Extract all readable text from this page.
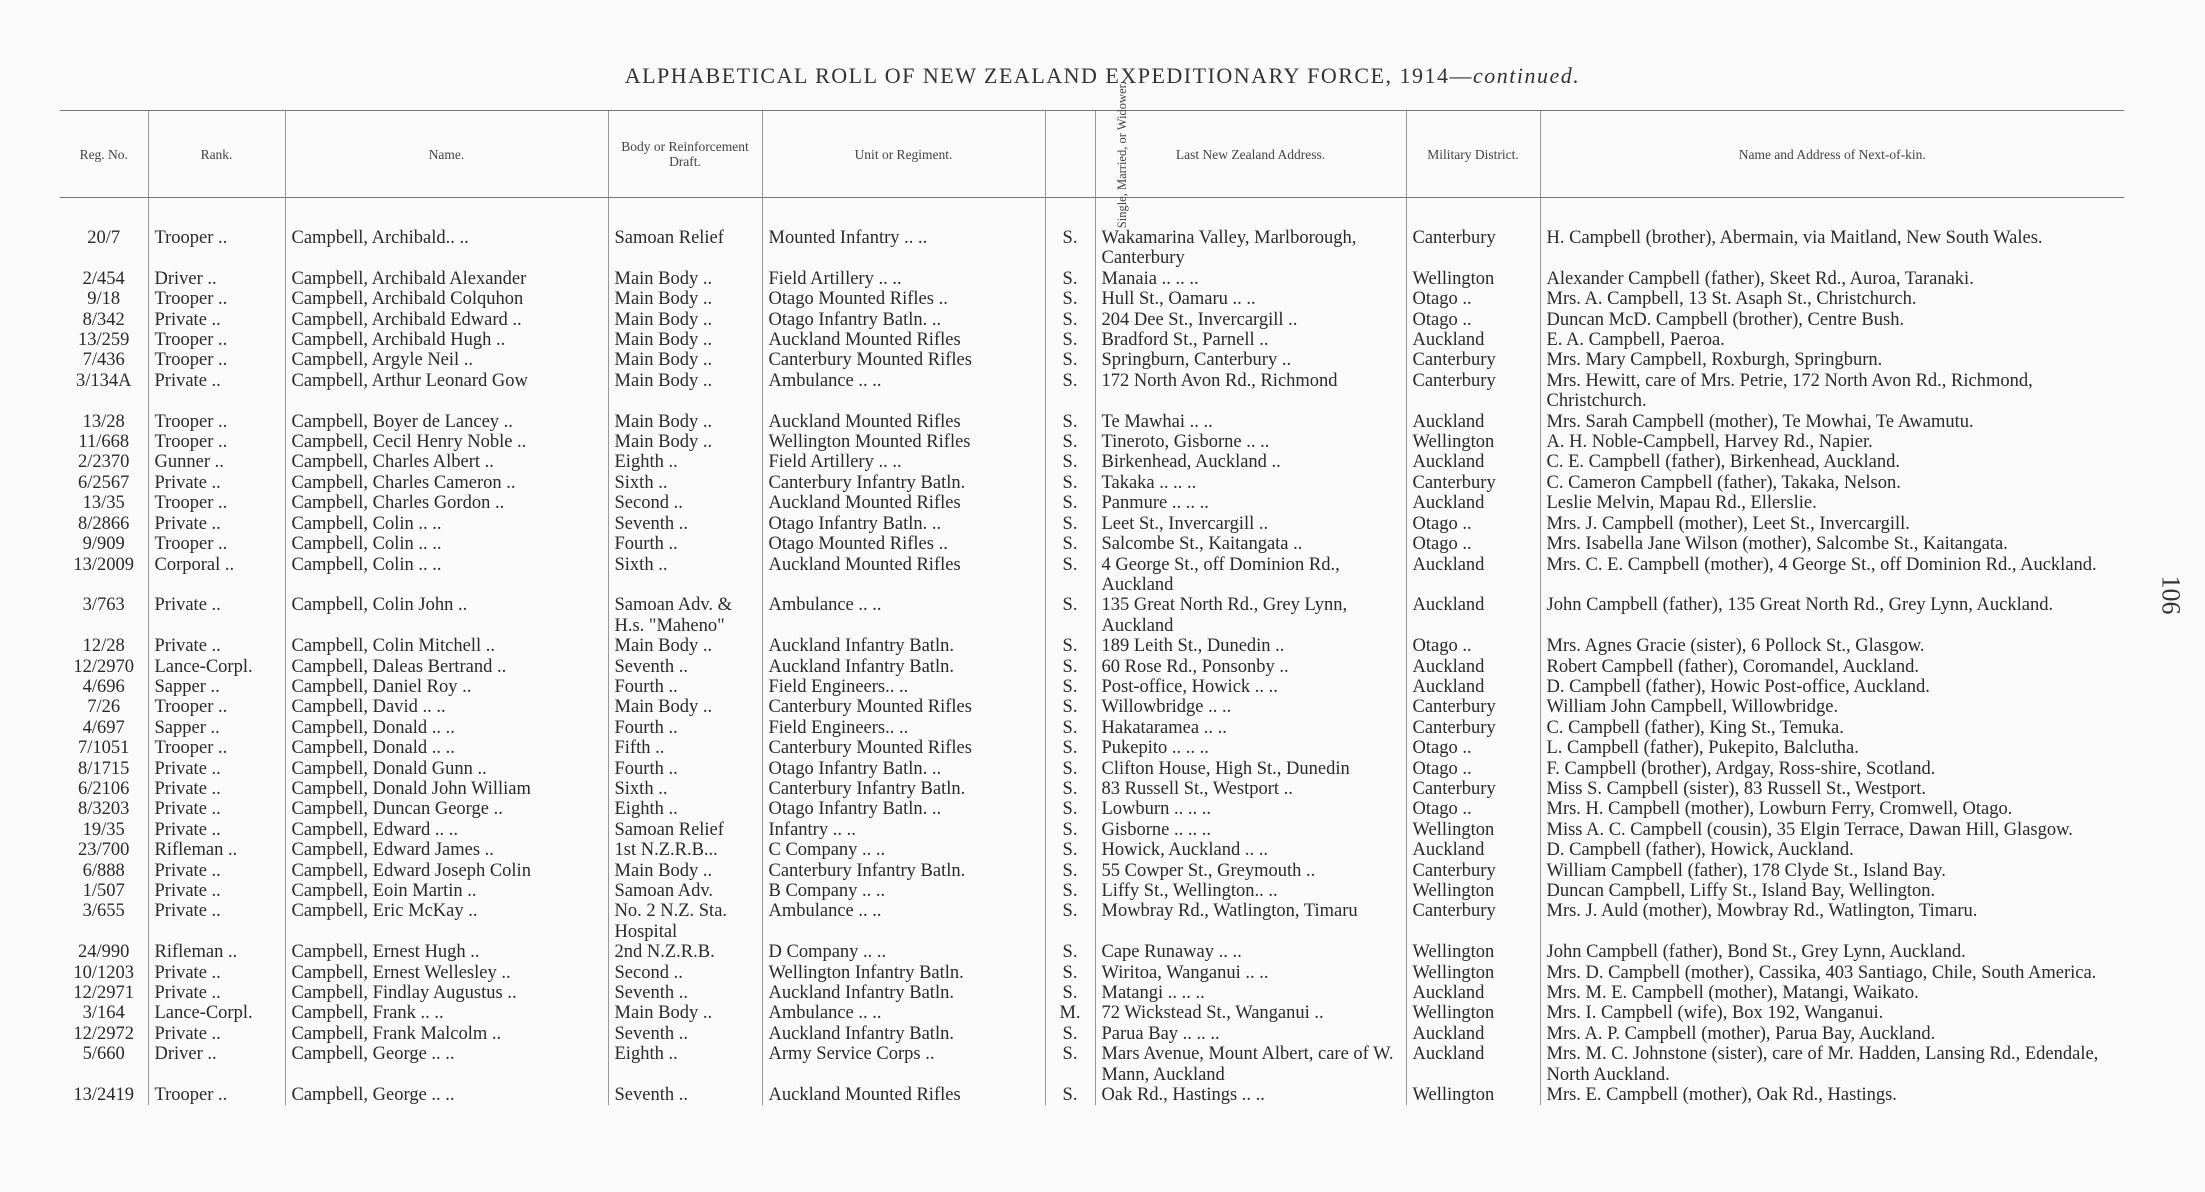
ALPHABETICAL ROLL OF NEW ZEALAND EXPEDITIONARY FORCE, 1914—continued.
106
Reg. No.	Rank.	Name.	Body or Reinforcement Draft.	Unit or Regiment.	Single, Married, or Widower.	Last New Zealand Address.	Military District.	Name and Address of Next-of-kin.
20/7	Trooper ..	Campbell, Archibald.. ..	Samoan Relief	Mounted Infantry .. ..	S.	Wakamarina Valley, Marlborough, Canterbury	Canterbury	H. Campbell (brother), Abermain, via Maitland, New South Wales.
2/454	Driver ..	Campbell, Archibald Alexander	Main Body ..	Field Artillery .. ..	S.	Manaia .. .. ..	Wellington	Alexander Campbell (father), Skeet Rd., Auroa, Taranaki.
9/18	Trooper ..	Campbell, Archibald Colquhon	Main Body ..	Otago Mounted Rifles ..	S.	Hull St., Oamaru .. ..	Otago ..	Mrs. A. Campbell, 13 St. Asaph St., Christchurch.
8/342	Private ..	Campbell, Archibald Edward ..	Main Body ..	Otago Infantry Batln. ..	S.	204 Dee St., Invercargill ..	Otago ..	Duncan McD. Campbell (brother), Centre Bush.
13/259	Trooper ..	Campbell, Archibald Hugh ..	Main Body ..	Auckland Mounted Rifles	S.	Bradford St., Parnell ..	Auckland	E. A. Campbell, Paeroa.
7/436	Trooper ..	Campbell, Argyle Neil ..	Main Body ..	Canterbury Mounted Rifles	S.	Springburn, Canterbury ..	Canterbury	Mrs. Mary Campbell, Roxburgh, Springburn.
3/134A	Private ..	Campbell, Arthur Leonard Gow	Main Body ..	Ambulance .. ..	S.	172 North Avon Rd., Richmond	Canterbury	Mrs. Hewitt, care of Mrs. Petrie, 172 North Avon Rd., Richmond, Christchurch.
13/28	Trooper ..	Campbell, Boyer de Lancey ..	Main Body ..	Auckland Mounted Rifles	S.	Te Mawhai .. ..	Auckland	Mrs. Sarah Campbell (mother), Te Mowhai, Te Awamutu.
11/668	Trooper ..	Campbell, Cecil Henry Noble ..	Main Body ..	Wellington Mounted Rifles	S.	Tineroto, Gisborne .. ..	Wellington	A. H. Noble-Campbell, Harvey Rd., Napier.
2/2370	Gunner ..	Campbell, Charles Albert ..	Eighth ..	Field Artillery .. ..	S.	Birkenhead, Auckland ..	Auckland	C. E. Campbell (father), Birkenhead, Auckland.
6/2567	Private ..	Campbell, Charles Cameron ..	Sixth ..	Canterbury Infantry Batln.	S.	Takaka .. .. ..	Canterbury	C. Cameron Campbell (father), Takaka, Nelson.
13/35	Trooper ..	Campbell, Charles Gordon ..	Second ..	Auckland Mounted Rifles	S.	Panmure .. .. ..	Auckland	Leslie Melvin, Mapau Rd., Ellerslie.
8/2866	Private ..	Campbell, Colin .. ..	Seventh ..	Otago Infantry Batln. ..	S.	Leet St., Invercargill ..	Otago ..	Mrs. J. Campbell (mother), Leet St., Invercargill.
9/909	Trooper ..	Campbell, Colin .. ..	Fourth ..	Otago Mounted Rifles ..	S.	Salcombe St., Kaitangata ..	Otago ..	Mrs. Isabella Jane Wilson (mother), Salcombe St., Kaitangata.
13/2009	Corporal ..	Campbell, Colin .. ..	Sixth ..	Auckland Mounted Rifles	S.	4 George St., off Dominion Rd., Auckland	Auckland	Mrs. C. E. Campbell (mother), 4 George St., off Dominion Rd., Auckland.
3/763	Private ..	Campbell, Colin John ..	Samoan Adv. & H.s. "Maheno"	Ambulance .. ..	S.	135 Great North Rd., Grey Lynn, Auckland	Auckland	John Campbell (father), 135 Great North Rd., Grey Lynn, Auckland.
12/28	Private ..	Campbell, Colin Mitchell ..	Main Body ..	Auckland Infantry Batln.	S.	189 Leith St., Dunedin ..	Otago ..	Mrs. Agnes Gracie (sister), 6 Pollock St., Glasgow.
12/2970	Lance-Corpl.	Campbell, Daleas Bertrand ..	Seventh ..	Auckland Infantry Batln.	S.	60 Rose Rd., Ponsonby ..	Auckland	Robert Campbell (father), Coromandel, Auckland.
4/696	Sapper ..	Campbell, Daniel Roy ..	Fourth ..	Field Engineers.. ..	S.	Post-office, Howick .. ..	Auckland	D. Campbell (father), Howic Post-office, Auckland.
7/26	Trooper ..	Campbell, David .. ..	Main Body ..	Canterbury Mounted Rifles	S.	Willowbridge .. ..	Canterbury	William John Campbell, Willowbridge.
4/697	Sapper ..	Campbell, Donald .. ..	Fourth ..	Field Engineers.. ..	S.	Hakataramea .. ..	Canterbury	C. Campbell (father), King St., Temuka.
7/1051	Trooper ..	Campbell, Donald .. ..	Fifth ..	Canterbury Mounted Rifles	S.	Pukepito .. .. ..	Otago ..	L. Campbell (father), Pukepito, Balclutha.
8/1715	Private ..	Campbell, Donald Gunn ..	Fourth ..	Otago Infantry Batln. ..	S.	Clifton House, High St., Dunedin	Otago ..	F. Campbell (brother), Ardgay, Ross-shire, Scotland.
6/2106	Private ..	Campbell, Donald John William	Sixth ..	Canterbury Infantry Batln.	S.	83 Russell St., Westport ..	Canterbury	Miss S. Campbell (sister), 83 Russell St., Westport.
8/3203	Private ..	Campbell, Duncan George ..	Eighth ..	Otago Infantry Batln. ..	S.	Lowburn .. .. ..	Otago ..	Mrs. H. Campbell (mother), Lowburn Ferry, Cromwell, Otago.
19/35	Private ..	Campbell, Edward .. ..	Samoan Relief	Infantry .. ..	S.	Gisborne .. .. ..	Wellington	Miss A. C. Campbell (cousin), 35 Elgin Terrace, Dawan Hill, Glasgow.
23/700	Rifleman ..	Campbell, Edward James ..	1st N.Z.R.B...	C Company .. ..	S.	Howick, Auckland .. ..	Auckland	D. Campbell (father), Howick, Auckland.
6/888	Private ..	Campbell, Edward Joseph Colin	Main Body ..	Canterbury Infantry Batln.	S.	55 Cowper St., Greymouth ..	Canterbury	William Campbell (father), 178 Clyde St., Island Bay.
1/507	Private ..	Campbell, Eoin Martin ..	Samoan Adv.	B Company .. ..	S.	Liffy St., Wellington.. ..	Wellington	Duncan Campbell, Liffy St., Island Bay, Wellington.
3/655	Private ..	Campbell, Eric McKay ..	No. 2 N.Z. Sta. Hospital	Ambulance .. ..	S.	Mowbray Rd., Watlington, Timaru	Canterbury	Mrs. J. Auld (mother), Mowbray Rd., Watlington, Timaru.
24/990	Rifleman ..	Campbell, Ernest Hugh ..	2nd N.Z.R.B.	D Company .. ..	S.	Cape Runaway .. ..	Wellington	John Campbell (father), Bond St., Grey Lynn, Auckland.
10/1203	Private ..	Campbell, Ernest Wellesley ..	Second ..	Wellington Infantry Batln.	S.	Wiritoa, Wanganui .. ..	Wellington	Mrs. D. Campbell (mother), Cassika, 403 Santiago, Chile, South America.
12/2971	Private ..	Campbell, Findlay Augustus ..	Seventh ..	Auckland Infantry Batln.	S.	Matangi .. .. ..	Auckland	Mrs. M. E. Campbell (mother), Matangi, Waikato.
3/164	Lance-Corpl.	Campbell, Frank .. ..	Main Body ..	Ambulance .. ..	M.	72 Wickstead St., Wanganui ..	Wellington	Mrs. I. Campbell (wife), Box 192, Wanganui.
12/2972	Private ..	Campbell, Frank Malcolm ..	Seventh ..	Auckland Infantry Batln.	S.	Parua Bay .. .. ..	Auckland	Mrs. A. P. Campbell (mother), Parua Bay, Auckland.
5/660	Driver ..	Campbell, George .. ..	Eighth ..	Army Service Corps ..	S.	Mars Avenue, Mount Albert, care of W. Mann, Auckland	Auckland	Mrs. M. C. Johnstone (sister), care of Mr. Hadden, Lansing Rd., Edendale, North Auckland.
13/2419	Trooper ..	Campbell, George .. ..	Seventh ..	Auckland Mounted Rifles	S.	Oak Rd., Hastings .. ..	Wellington	Mrs. E. Campbell (mother), Oak Rd., Hastings.
